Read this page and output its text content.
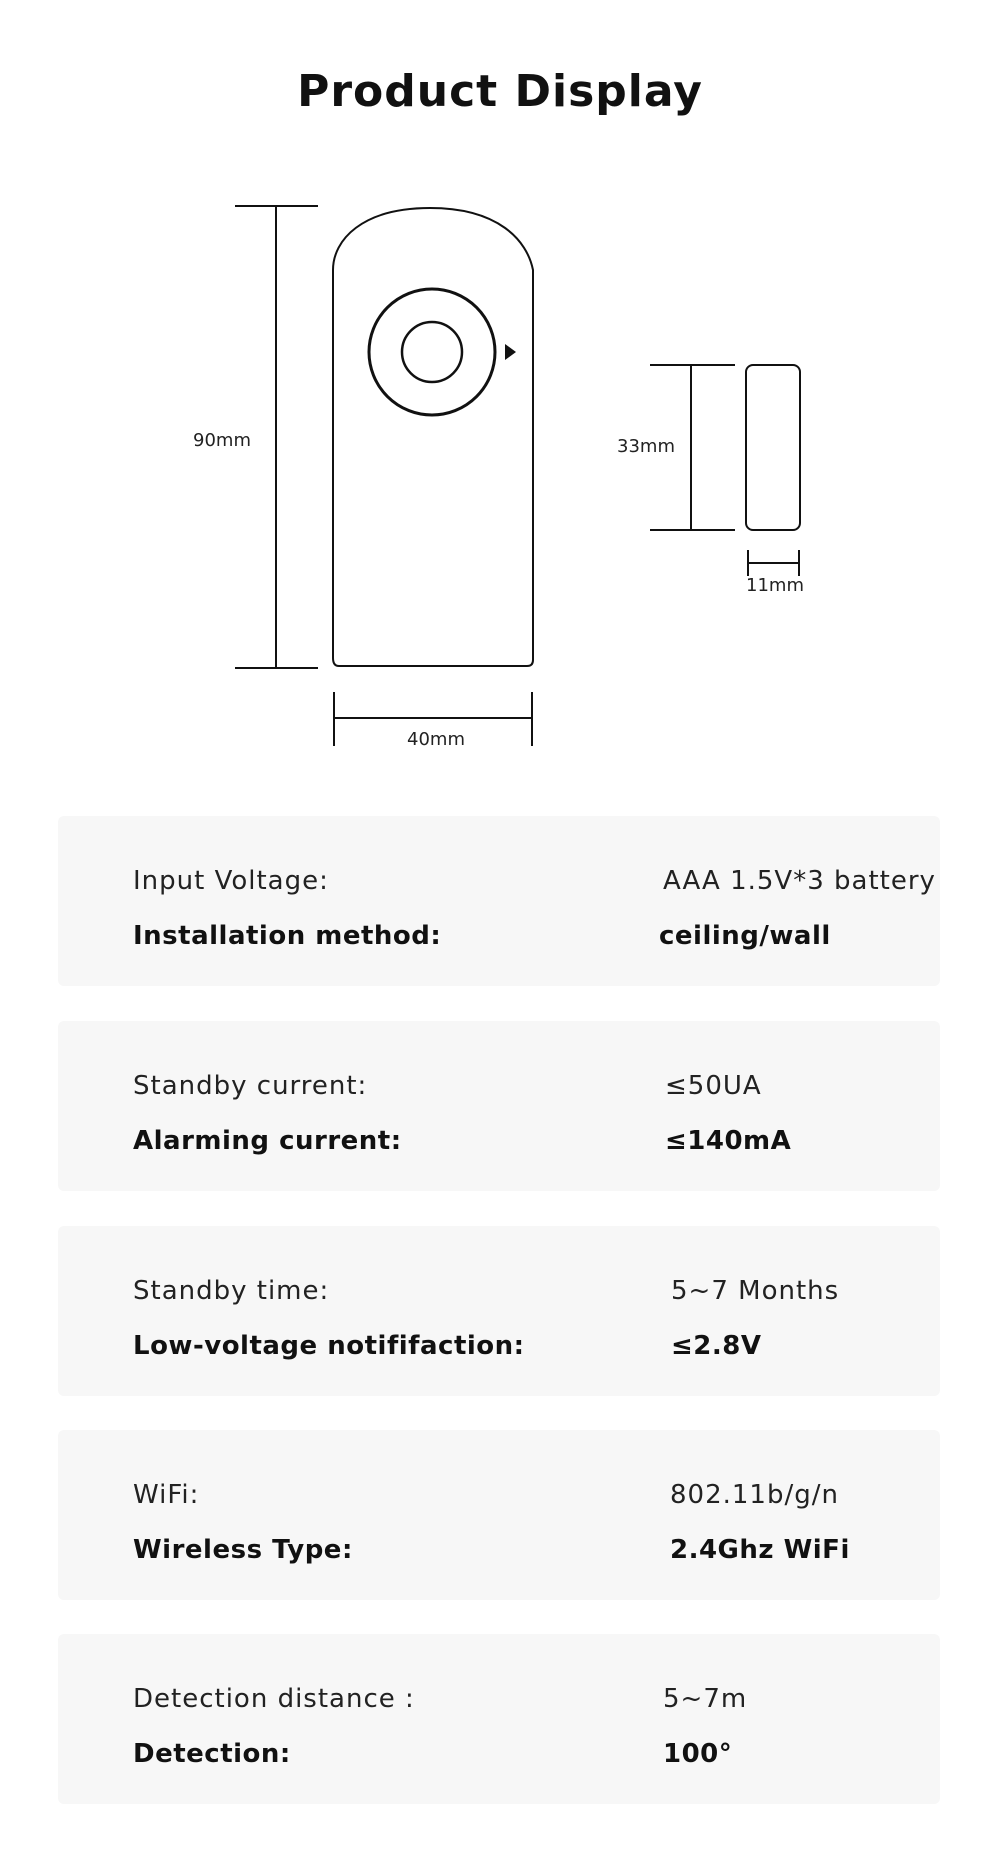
Product Display
90mm
40mm
33mm
11mm
Input Voltage:	AAA 1.5V*3 battery
Installation method:	ceiling/wall
Standby current:	≤50UA
Alarming current:	≤140mA
Standby time:	5~7 Months
Low-voltage notififaction:	≤2.8V
WiFi:	802.11b/g/n
Wireless Type:	2.4Ghz WiFi
Detection distance :	5~7m
Detection:	100°
